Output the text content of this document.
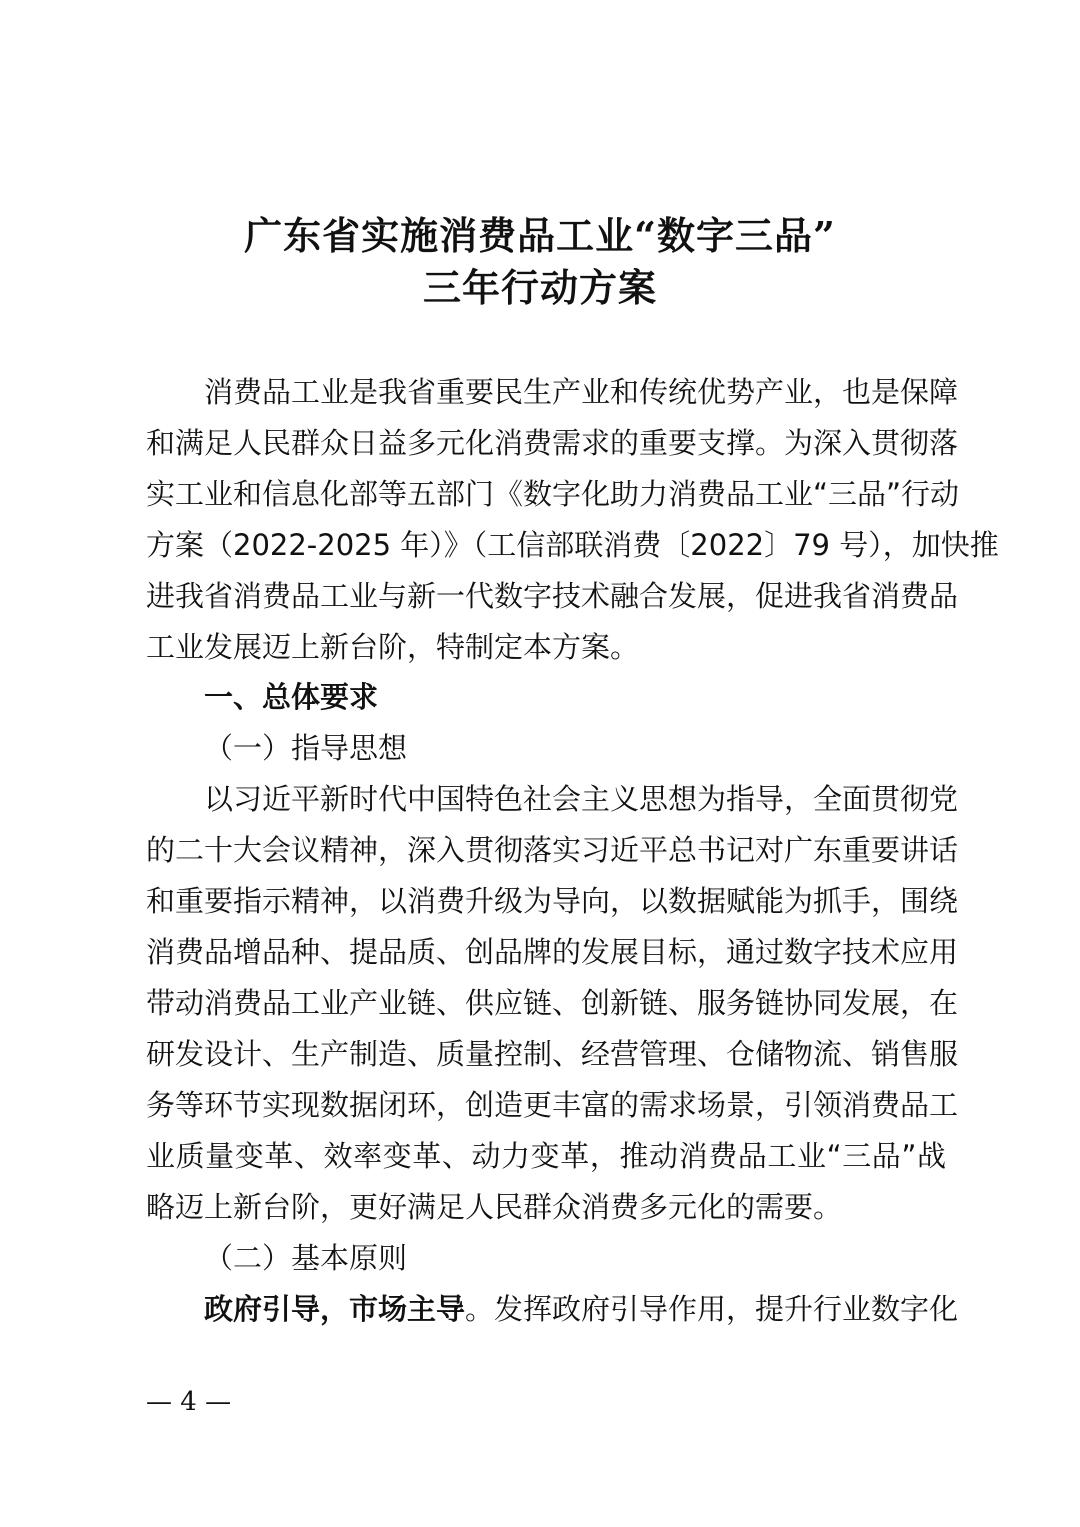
广东省实施消费品工业“数字三品”
三年行动方案
消费品工业是我省重要民生产业和传统优势产业，也是保障
和满足人民群众日益多元化消费需求的重要支撑。为深入贯彻落
实工业和信息化部等五部门《数字化助力消费品工业“三品”行动
方案（2022-2025 年）》（工信部联消费〔2022〕79 号），加快推
进我省消费品工业与新一代数字技术融合发展，促进我省消费品
工业发展迈上新台阶，特制定本方案。
一、总体要求
（一）指导思想
以习近平新时代中国特色社会主义思想为指导，全面贯彻党
的二十大会议精神，深入贯彻落实习近平总书记对广东重要讲话
和重要指示精神，以消费升级为导向，以数据赋能为抓手，围绕
消费品增品种、提品质、创品牌的发展目标，通过数字技术应用
带动消费品工业产业链、供应链、创新链、服务链协同发展，在
研发设计、生产制造、质量控制、经营管理、仓储物流、销售服
务等环节实现数据闭环，创造更丰富的需求场景，引领消费品工
业质量变革、效率变革、动力变革，推动消费品工业“三品”战
略迈上新台阶，更好满足人民群众消费多元化的需要。
（二）基本原则
政府引导，市场主导。发挥政府引导作用，提升行业数字化
— 4 —
